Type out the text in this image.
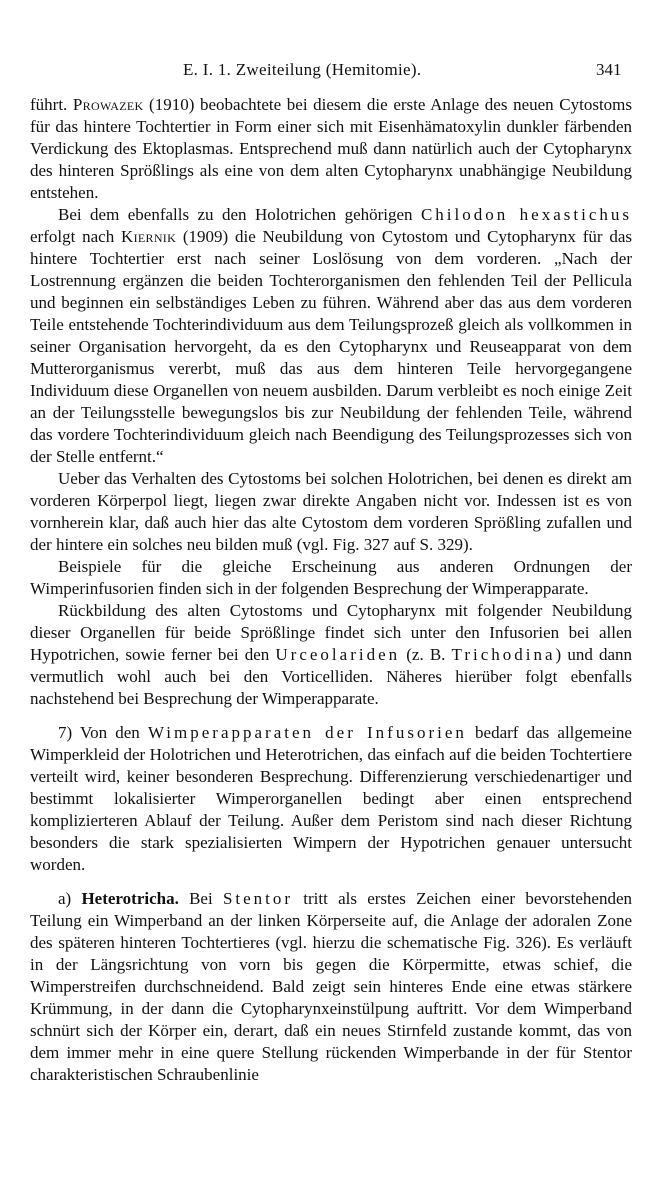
E. I. 1. Zweiteilung (Hemitomie).	341

führt. Prowazek (1910) beobachtete bei diesem die erste Anlage des neuen Cytostoms für das hintere Tochtertier in Form einer sich mit Eisenhämatoxylin dunkler färbenden Verdickung des Ektoplasmas. Entsprechend muß dann natürlich auch der Cytopharynx des hinteren Sprößlings als eine von dem alten Cytopharynx unabhängige Neubildung entstehen.

Bei dem ebenfalls zu den Holotrichen gehörigen Chilodon hexastichus erfolgt nach Kiernik (1909) die Neubildung von Cytostom und Cytopharynx für das hintere Tochtertier erst nach seiner Loslösung von dem vorderen. „Nach der Lostrennung ergänzen die beiden Tochterorganismen den fehlenden Teil der Pellicula und beginnen ein selbständiges Leben zu führen. Während aber das aus dem vorderen Teile entstehende Tochterindividuum aus dem Teilungsprozeß gleich als vollkommen in seiner Organisation hervorgeht, da es den Cytopharynx und Reuseapparat von dem Mutterorganismus vererbt, muß das aus dem hinteren Teile hervorgegangene Individuum diese Organellen von neuem ausbilden. Darum verbleibt es noch einige Zeit an der Teilungsstelle bewegungslos bis zur Neubildung der fehlenden Teile, während das vordere Tochterindividuum gleich nach Beendigung des Teilungsprozesses sich von der Stelle entfernt.“

Ueber das Verhalten des Cytostoms bei solchen Holotrichen, bei denen es direkt am vorderen Körperpol liegt, liegen zwar direkte Angaben nicht vor. Indessen ist es von vornherein klar, daß auch hier das alte Cytostom dem vorderen Sprößling zufallen und der hintere ein solches neu bilden muß (vgl. Fig. 327 auf S. 329).

Beispiele für die gleiche Erscheinung aus anderen Ordnungen der Wimperinfusorien finden sich in der folgenden Besprechung der Wimperapparate.

Rückbildung des alten Cytostoms und Cytopharynx mit folgender Neubildung dieser Organellen für beide Sprößlinge findet sich unter den Infusorien bei allen Hypotrichen, sowie ferner bei den Urceolariden (z. B. Trichodina) und dann vermutlich wohl auch bei den Vorticelliden. Näheres hierüber folgt ebenfalls nachstehend bei Besprechung der Wimperapparate.

7) Von den Wimperapparaten der Infusorien bedarf das allgemeine Wimperkleid der Holotrichen und Heterotrichen, das einfach auf die beiden Tochtertiere verteilt wird, keiner besonderen Besprechung. Differenzierung verschiedenartiger und bestimmt lokalisierter Wimperorganellen bedingt aber einen entsprechend komplizierteren Ablauf der Teilung. Außer dem Peristom sind nach dieser Richtung besonders die stark spezialisierten Wimpern der Hypotrichen genauer untersucht worden.

a) Heterotricha. Bei Stentor tritt als erstes Zeichen einer bevorstehenden Teilung ein Wimperband an der linken Körperseite auf, die Anlage der adoralen Zone des späteren hinteren Tochtertieres (vgl. hierzu die schematische Fig. 326). Es verläuft in der Längsrichtung von vorn bis gegen die Körpermitte, etwas schief, die Wimperstreifen durchschneidend. Bald zeigt sein hinteres Ende eine etwas stärkere Krümmung, in der dann die Cytopharynxeinstülpung auftritt. Vor dem Wimperband schnürt sich der Körper ein, derart, daß ein neues Stirnfeld zustande kommt, das von dem immer mehr in eine quere Stellung rückenden Wimperbande in der für Stentor charakteristischen Schraubenlinie
